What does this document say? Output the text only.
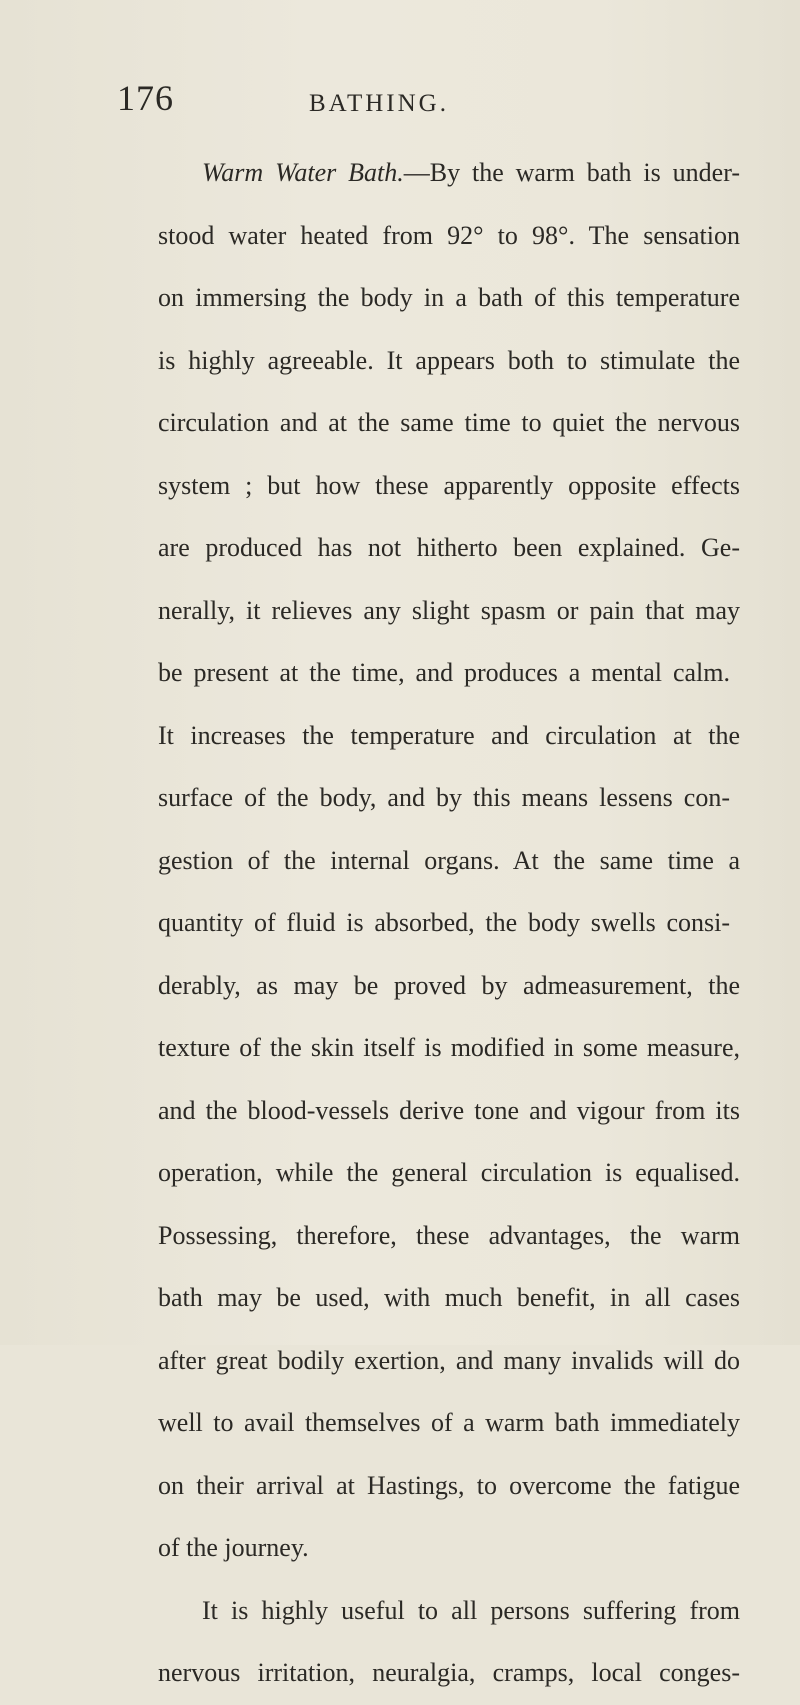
176	BATHING.
Warm Water Bath.—By the warm bath is under-
stood water heated from 92° to 98°. The sensation
on immersing the body in a bath of this temperature
is highly agreeable. It appears both to stimulate the
circulation and at the same time to quiet the nervous
system ; but how these apparently opposite effects
are produced has not hitherto been explained. Ge-
nerally, it relieves any slight spasm or pain that may
be present at the time, and produces a mental calm.
It increases the temperature and circulation at the
surface of the body, and by this means lessens con-
gestion of the internal organs. At the same time a
quantity of fluid is absorbed, the body swells consi-
derably, as may be proved by admeasurement, the
texture of the skin itself is modified in some measure,
and the blood-vessels derive tone and vigour from its
operation, while the general circulation is equalised.
Possessing, therefore, these advantages, the warm
bath may be used, with much benefit, in all cases
after great bodily exertion, and many invalids will do
well to avail themselves of a warm bath immediately
on their arrival at Hastings, to overcome the fatigue
of the journey.
It is highly useful to all persons suffering from
nervous irritation, neuralgia, cramps, local conges-
